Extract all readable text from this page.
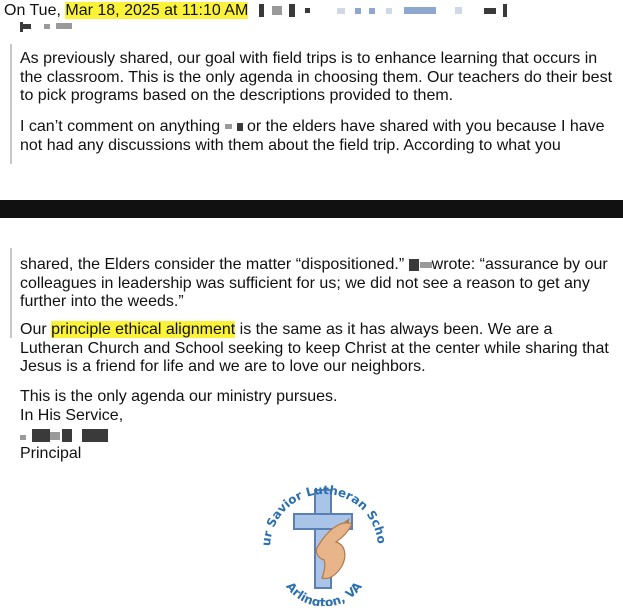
On Tue, Mar 18, 2025 at 11:10 AM

As previously shared, our goal with field trips is to enhance learning that occurs in the classroom. This is the only agenda in choosing them. Our teachers do their best to pick programs based on the descriptions provided to them.

I can’t comment on anything  or the elders have shared with you because I have not had any discussions with them about the field trip. According to what you

shared, the Elders consider the matter “dispositioned.” wrote: “assurance by our colleagues in leadership was sufficient for us; we did not see a reason to get any further into the weeds.”

Our principle ethical alignment is the same as it has always been. We are a Lutheran Church and School seeking to keep Christ at the center while sharing that Jesus is a friend for life and we are to love our neighbors.

This is the only agenda our ministry pursues.

In His Service,

Principal

ur Savior Lutheran Scho
Arlington, VA
